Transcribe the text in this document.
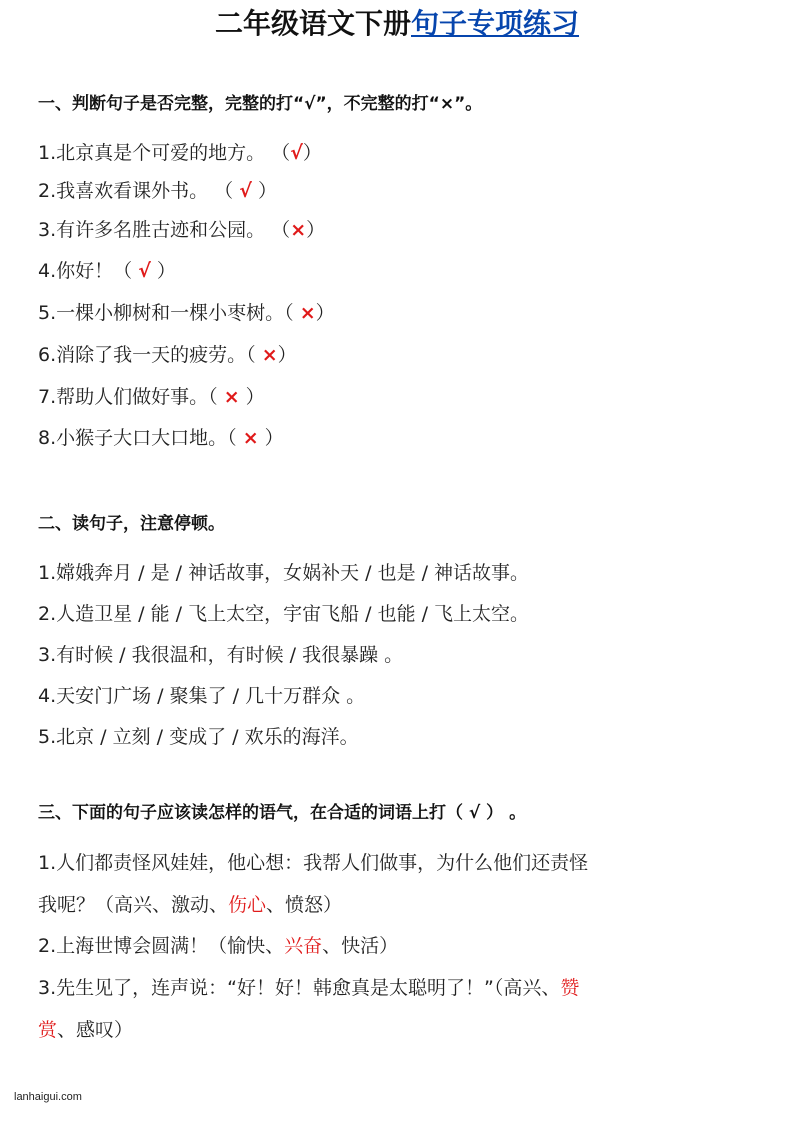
二年级语文下册句子专项练习
一、判断句子是否完整，完整的打“√”，不完整的打“×”。
1.北京真是个可爱的地方。 （√）
2.我喜欢看课外书。 （ √ ）
3.有许多名胜古迹和公园。 （×）
4.你好！（ √ ）
5.一棵小柳树和一棵小枣树。（ ×）
6.消除了我一天的疲劳。（ ×）
7.帮助人们做好事。（ × ）
8.小猴子大口大口地。（ × ）
二、读句子，注意停顿。
1.嫦娥奔月 / 是 / 神话故事，女娲补天 / 也是 / 神话故事。
2.人造卫星 / 能 / 飞上太空，宇宙飞船 / 也能 / 飞上太空。
3.有时候 / 我很温和，有时候 / 我很暴躁 。
4.天安门广场 / 聚集了 / 几十万群众 。
5.北京 / 立刻 / 变成了 / 欢乐的海洋。
三、下面的句子应该读怎样的语气，在合适的词语上打（ √ ） 。
1.人们都责怪风娃娃，他心想：我帮人们做事，为什么他们还责怪
我呢？（高兴、激动、伤心、愤怒）
2.上海世博会圆满！（愉快、兴奋、快活）
3.先生见了，连声说：“好！好！韩愈真是太聪明了！”（高兴、赞
赏、感叹）
lanhaigui.com
